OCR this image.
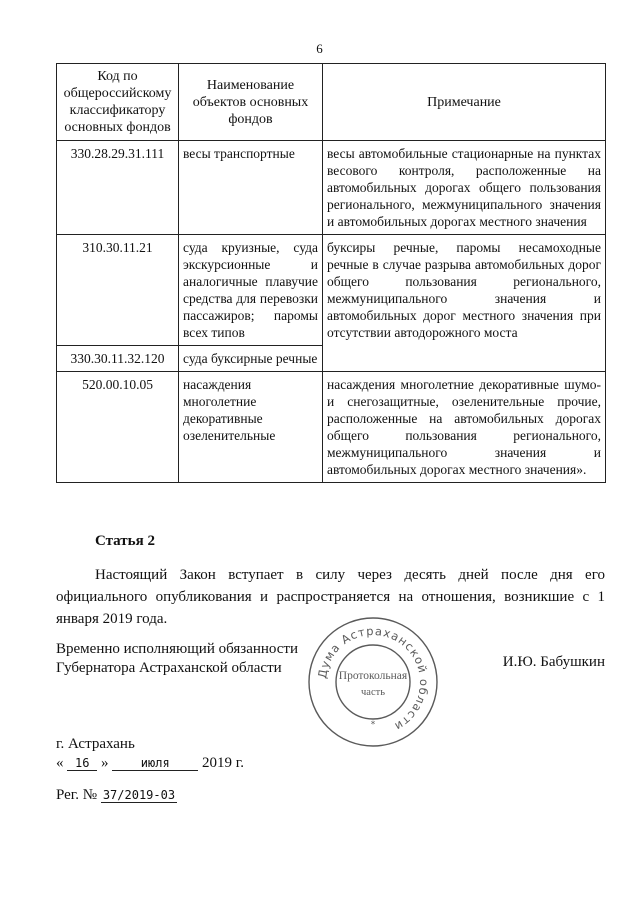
6
Код по общероссийскому классификатору основных фондов	Наименование объектов основных фондов	Примечание
330.28.29.31.111	весы транспортные	весы автомобильные стационарные на пунктах весового контроля, расположенные на автомобильных дорогах общего пользования регионального, межмуниципального значения и автомобильных дорогах местного значения
310.30.11.21	суда круизные, суда экскурсионные и аналогичные плавучие средства для перевозки пассажиров; паромы всех типов	буксиры речные, паромы несамоходные речные в случае разрыва автомобильных дорог общего пользования регионального, межмуниципального значения и автомобильных дорог местного значения при отсутствии автодорожного моста
330.30.11.32.120	суда буксирные речные	
520.00.10.05	насаждения многолетние декоративные озеленительные	насаждения многолетние декоративные шумо- и снегозащитные, озеленительные прочие, расположенные на автомобильных дорогах общего пользования регионального, межмуниципального значения и автомобильных дорогах местного значения».
Статья 2
Настоящий Закон вступает в силу через десять дней после дня его официального опубликования и распространяется на отношения, возникшие с 1 января 2019 года.
Временно исполняющий обязанности
Губернатора Астраханской области	Дума Астраханской области
Протокольная
часть
*
И.Ю. Бабушкин
г. Астрахань
« 16 »	июля 2019 г.
Рег. № 37/2019-03
